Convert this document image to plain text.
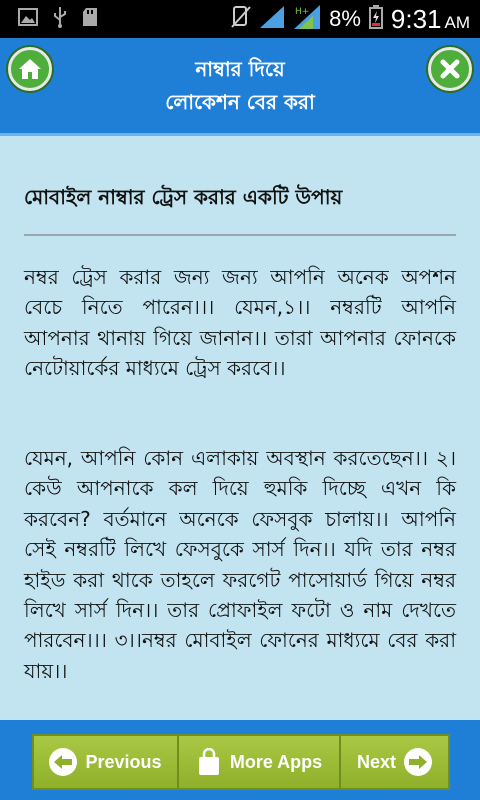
H+ 8% 9:31 AM
নাম্বার দিয়ে
লোকেশন বের করা
মোবাইল নাম্বার ট্রেস করার একটি উপায়
নম্বর ট্রেস করার জন্য জন্য আপনি অনেক অপশন বেচে নিতে পারেন।।। যেমন,১।। নম্বরটি আপনি আপনার থানায় গিয়ে জানান।। তারা আপনার ফোনকে নেটোয়ার্কের মাধ্যমে ট্রেস করবে।।
যেমন, আপনি কোন এলাকায় অবস্থান করতেছেন।। ২।কেউ আপনাকে কল দিয়ে হুমকি দিচ্ছে এখন কি করবেন? বর্তমানে অনেকে ফেসবুক চালায়।। আপনি সেই নম্বরটি লিখে ফেসবুকে সার্স দিন।। যদি তার নম্বর হাইড করা থাকে তাহলে ফরগেট পাসোয়ার্ড গিয়ে নম্বর লিখে সার্স দিন।। তার প্রোফাইল ফটো ও নাম দেখতে পারবেন।।। ৩।।নম্বর মোবাইল ফোনের মাধ্যমে বের করা যায়।।
Previous	More Apps Next
